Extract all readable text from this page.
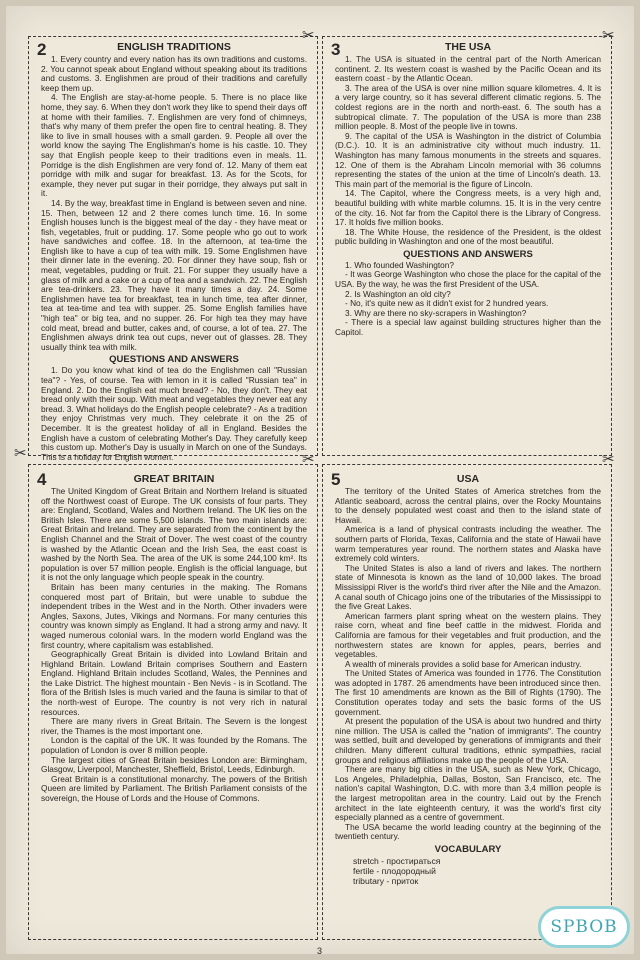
2	ENGLISH TRADITIONS

1. Every country and every nation has its own traditions and customs. 2. You cannot speak about England without speaking about its traditions and customs. 3. Englishmen are proud of their traditions and carefully keep them up.

4. The English are stay-at-home people. 5. There is no place like home, they say. 6. When they don't work they like to spend their days off at home with their families. 7. Englishmen are very fond of chimneys, that's why many of them prefer the open fire to central heating. 8. They like to live in small houses with a small garden. 9. People all over the world know the saying The Englishman's home is his castle. 10. They say that English people keep to their traditions even in meals. 11. Porridge is the dish Englishmen are very fond of. 12. Many of them eat porridge with milk and sugar for breakfast. 13. As for the Scots, for example, they never put sugar in their porridge, they always put salt in it.

14. By the way, breakfast time in England is between seven and nine. 15. Then, between 12 and 2 there comes lunch time. 16. In some English houses lunch is the biggest meal of the day - they have meat or fish, vegetables, fruit or pudding. 17. Some people who go out to work have sandwiches and coffee. 18. In the afternoon, at tea-time the English like to have a cup of tea with milk. 19. Some Englishmen have their dinner late in the evening. 20. For dinner they have soup, fish or meat, vegetables, pudding or fruit. 21. For supper they usually have a glass of milk and a cake or a cup of tea and a sandwich. 22. The English are tea-drinkers. 23. They have it many times a day. 24. Some Englishmen have tea for breakfast, tea in lunch time, tea after dinner, tea at tea-time and tea with supper. 25. Some English families have "high tea" or big tea, and no supper. 26. For high tea they may have cold meat, bread and butter, cakes and, of course, a lot of tea. 27. The Englishmen always drink tea out cups, never out of glasses. 28. They usually think tea with milk.

QUESTIONS AND ANSWERS

1. Do you know what kind of tea do the Englishmen call "Russian tea"? - Yes, of course. Tea with lemon in it is called "Russian tea" in England. 2. Do the English eat much bread? - No, they don't. They eat bread only with their soup. With meat and vegetables they never eat any bread. 3. What holidays do the English people celebrate? - As a tradition they enjoy Christmas very much. They celebrate it on the 25 of December. It is the greatest holiday of all in England. Besides the English have a custom of celebrating Mother's Day. They carefully keep this custom up. Mother's Day is usually in March on one of the Sundays. This is a holiday for English women.

3	THE USA

1. The USA is situated in the central part of the North American continent. 2. Its western coast is washed by the Pacific Ocean and its eastern coast - by the Atlantic Ocean.

3. The area of the USA is over nine million square kilometres. 4. It is a very large country, so it has several different climatic regions. 5. The coldest regions are in the north and north-east. 6. The south has a subtropical climate. 7. The population of the USA is more than 238 million people. 8. Most of the people live in towns.

9. The capital of the USA is Washington in the district of Columbia (D.C.). 10. It is an administrative city without much industry. 11. Washington has many famous monuments in the streets and squares. 12. One of them is the Abraham Lincoln memorial with 36 columns representing the states of the union at the time of Lincoln's death. 13. This main part of the memorial is the figure of Lincoln.

14. The Capitol, where the Congress meets, is a very high and, beautiful building with white marble columns. 15. It is in the very centre of the city. 16. Not far from the Capitol there is the Library of Congress. 17. It holds five million books.

18. The White House, the residence of the President, is the oldest public building in Washington and one of the most beautiful.

QUESTIONS AND ANSWERS

1. Who founded Washington?

- It was George Washington who chose the place for the capital of the USA. By the way, he was the first President of the USA.

2. Is Washington an old city?

- No, it's quite new as it didn't exist for 2 hundred years.

3. Why are there no sky-scrapers in Washington?

- There is a special law against building structures higher than the Capitol.

4	GREAT BRITAIN

The United Kingdom of Great Britain and Northern Ireland is situated off the Northwest coast of Europe. The UK consists of four parts. They are: England, Scotland, Wales and Northern Ireland. The UK lies on the British Isles. There are some 5,500 islands. The two main islands are: Great Britain and Ireland. They are separated from the continent by the English Channel and the Strait of Dover. The west coast of the country is washed by the Atlantic Ocean and the Irish Sea, the east coast is washed by the North Sea. The area of the UK is some 244,100 km². Its population is over 57 million people. English is the official language, but it is not the only language which people speak in the country.

Britain has been many centuries in the making. The Romans conquered most part of Britain, but were unable to subdue the independent tribes in the West and in the North. Other invaders were Angles, Saxons, Jutes, Vikings and Normans. For many centuries this country was known simply as England. It had a strong army and navy. It waged numerous colonial wars. In the modern world England was the first country, where capitalism was established.

Geographically Great Britain is divided into Lowland Britain and Highland Britain. Lowland Britain comprises Southern and Eastern England. Highland Britain includes Scotland, Wales, the Pennines and the Lake District. The highest mountain - Ben Nevis - is in Scotland. The flora of the British Isles is much varied and the fauna is similar to that of the north-west of Europe. The country is not very rich in natural resources.

There are many rivers in Great Britain. The Severn is the longest river, the Thames is the most important one.

London is the capital of the UK. It was founded by the Romans. The population of London is over 8 million people.

The largest cities of Great Britain besides London are: Birmingham, Glasgow, Liverpool, Manchester, Sheffield, Bristol, Leeds, Edinburgh.

Great Britain is a constitutional monarchy. The powers of the British Queen are limited by Parliament. The British Parliament consists of the sovereign, the House of Lords and the House of Commons.

5	USA

The territory of the United States of America stretches from the Atlantic seaboard, across the central plains, over the Rocky Mountains to the densely populated west coast and then to the island state of Hawaii.

America is a land of physical contrasts including the weather. The southern parts of Florida, Texas, California and the state of Hawaii have warm temperatures year round. The northern states and Alaska have extremely cold winters.

The United States is also a land of rivers and lakes. The northern state of Minnesota is known as the land of 10,000 lakes. The broad Mississippi River is the world's third river after the Nile and the Amazon. A canal south of Chicago joins one of the tributaries of the Mississippi to the five Great Lakes.

American farmers plant spring wheat on the western plains. They raise corn, wheat and fine beef cattle in the midwest. Florida and California are famous for their vegetables and fruit production, and the northwestern states are known for apples, pears, berries and vegetables.

A wealth of minerals provides a solid base for American industry.

The United States of America was founded in 1776. The Constitution was adopted in 1787. 26 amendments have been introduced since then. The first 10 amendments are known as the Bill of Rights (1790). The Constitution operates today and sets the basic forms of the US government.

At present the population of the USA is about two hundred and thirty nine million. The USA is called the "nation of immigrants". The country was settled, built and developed by generations of immigrants and their children. Many different cultural traditions, ethnic sympathies, racial groups and religious affiliations make up the people of the USA.

There are many big cities in the USA, such as New York, Chicago, Los Angeles, Philadelphia, Dallas, Boston, San Francisco, etc. The nation's capital Washington, D.C. with more than 3,4 million people is the largest metropolitan area in the country. Laid out by the French architect in the late eighteenth century, it was the world's first city especially planned as a centre of government.

The USA became the world leading country at the beginning of the twentieth century.

VOCABULARY
stretch - простираться
fertile - плодородный
tributary - приток
✂	✂
✂	✂	✂
3
SPBOB
